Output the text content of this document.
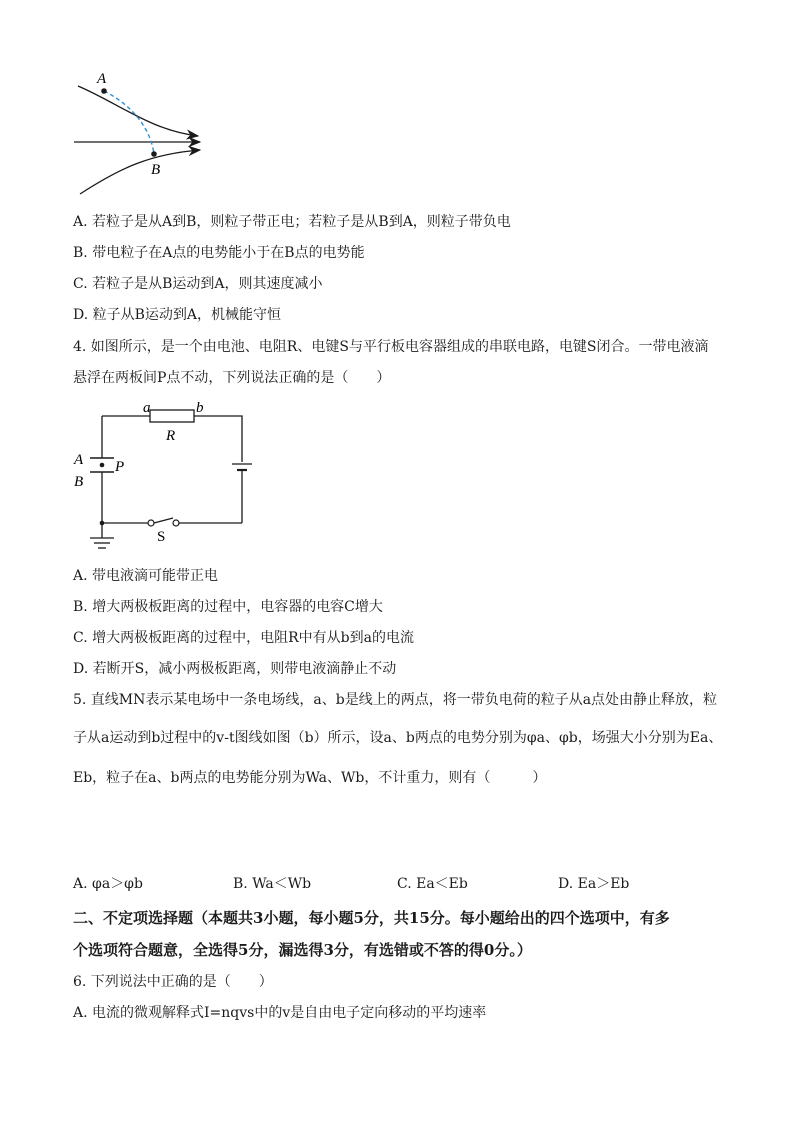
A
B
A. 若粒子是从A到B，则粒子带正电；若粒子是从B到A，则粒子带负电
B. 带电粒子在A点的电势能小于在B点的电势能
C. 若粒子是从B运动到A，则其速度减小
D. 粒子从B运动到A，机械能守恒
4. 如图所示，是一个由电池、电阻R、电键S与平行板电容器组成的串联电路，电键S闭合。一带电液滴
悬浮在两板间P点不动，下列说法正确的是（　　）
a	b
R
A
B
P
S
A. 带电液滴可能带正电
B. 增大两极板距离的过程中，电容器的电容C增大
C. 增大两极板距离的过程中，电阻R中有从b到a的电流
D. 若断开S，减小两极板距离，则带电液滴静止不动
5. 直线MN表示某电场中一条电场线，a、b是线上的两点，将一带负电荷的粒子从a点处由静止释放，粒
子从a运动到b过程中的v-t图线如图（b）所示，设a、b两点的电势分别为φa、φb，场强大小分别为Ea、
Eb，粒子在a、b两点的电势能分别为Wa、Wb，不计重力，则有（　　　）
A. φa＞φb	B. Wa＜Wb	C. Ea＜Eb	D. Ea＞Eb
二、不定项选择题（本题共3小题，每小题5分，共15分。每小题给出的四个选项中，有多
个选项符合题意，全选得5分，漏选得3分，有选错或不答的得0分。）
6. 下列说法中正确的是（　　）
A. 电流的微观解释式I=nqvs中的v是自由电子定向移动的平均速率
